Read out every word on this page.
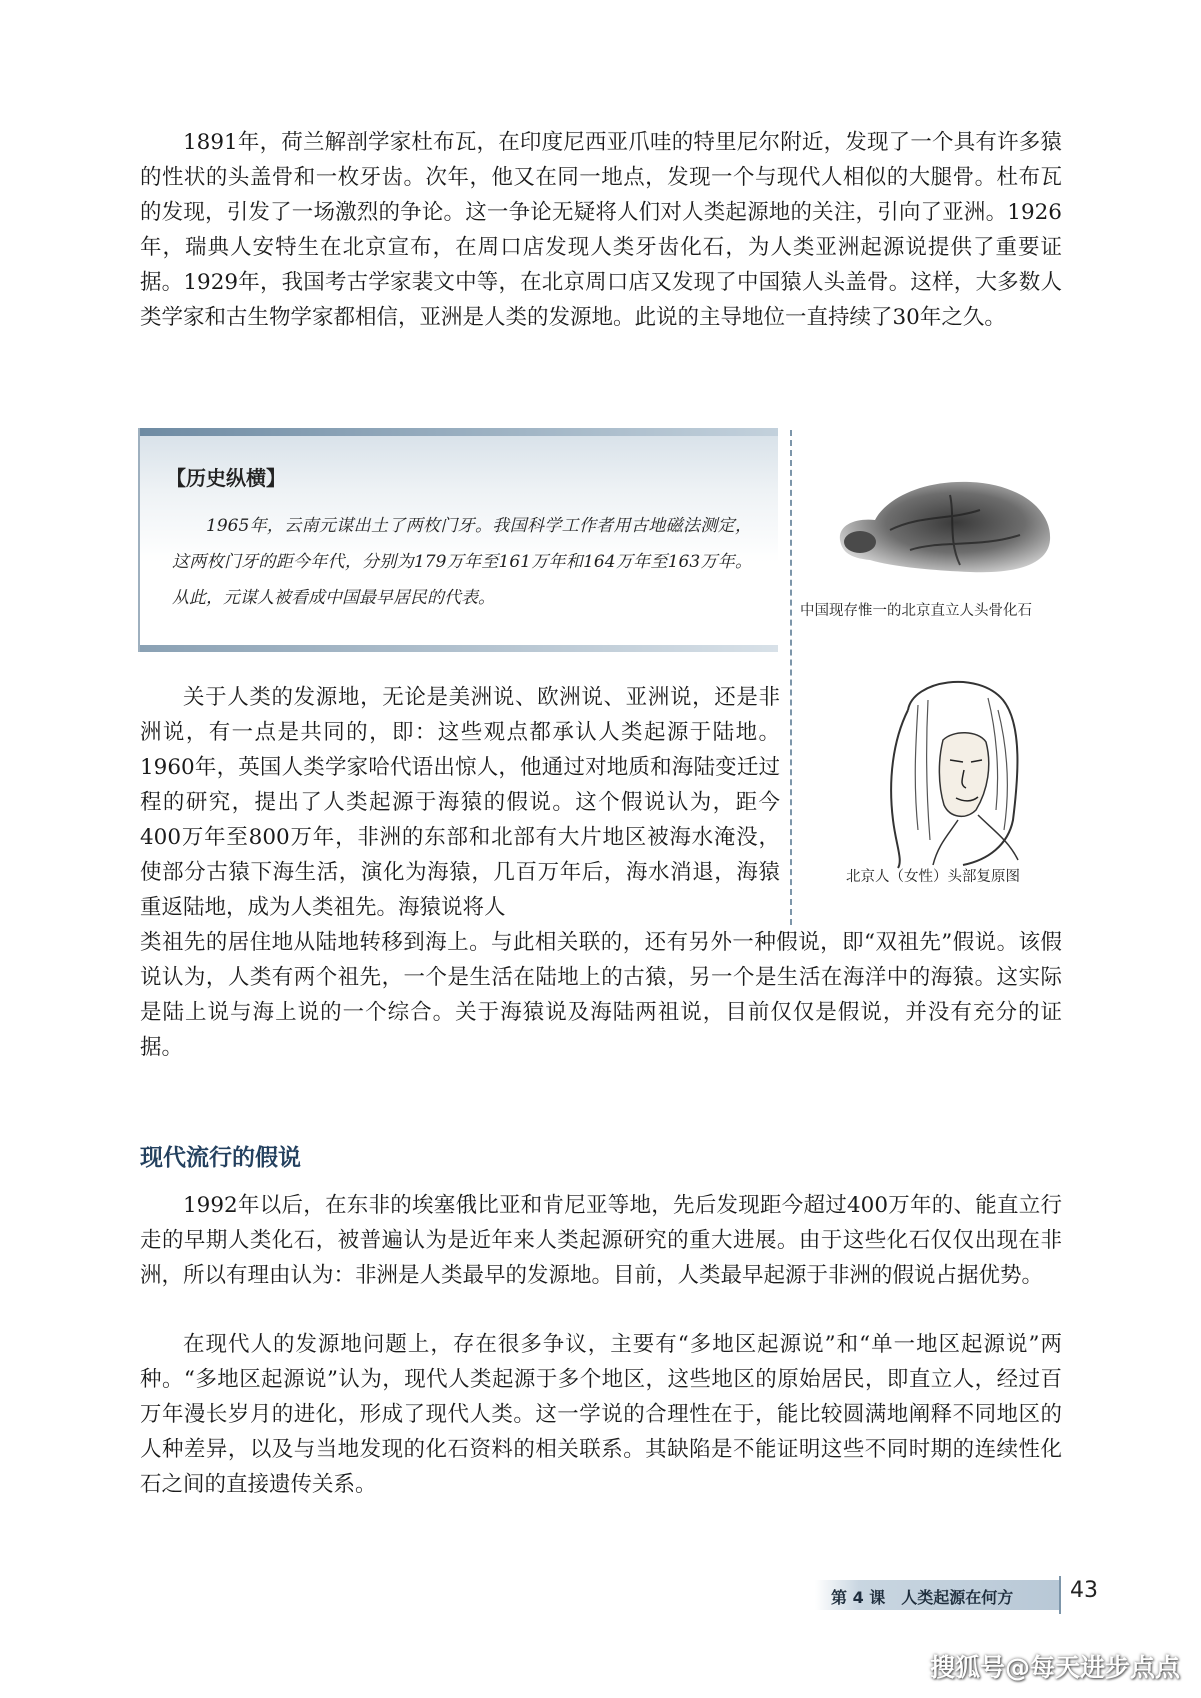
1891年，荷兰解剖学家杜布瓦，在印度尼西亚爪哇的特里尼尔附近，发现了一个具有许多猿的性状的头盖骨和一枚牙齿。次年，他又在同一地点，发现一个与现代人相似的大腿骨。杜布瓦的发现，引发了一场激烈的争论。这一争论无疑将人们对人类起源地的关注，引向了亚洲。1926年，瑞典人安特生在北京宣布，在周口店发现人类牙齿化石，为人类亚洲起源说提供了重要证据。1929年，我国考古学家裴文中等，在北京周口店又发现了中国猿人头盖骨。这样，大多数人类学家和古生物学家都相信，亚洲是人类的发源地。此说的主导地位一直持续了30年之久。

【历史纵横】

1965年，云南元谋出土了两枚门牙。我国科学工作者用古地磁法测定，这两枚门牙的距今年代，分别为179万年至161万年和164万年至163万年。从此，元谋人被看成中国最早居民的代表。

中国现存惟一的北京直立人头骨化石
北京人（女性）头部复原图

关于人类的发源地，无论是美洲说、欧洲说、亚洲说，还是非洲说，有一点是共同的，即：这些观点都承认人类起源于陆地。1960年，英国人类学家哈代语出惊人，他通过对地质和海陆变迁过程的研究，提出了人类起源于海猿的假说。这个假说认为，距今400万年至800万年，非洲的东部和北部有大片地区被海水淹没，使部分古猿下海生活，演化为海猿，几百万年后，海水消退，海猿重返陆地，成为人类祖先。海猿说将人

类祖先的居住地从陆地转移到海上。与此相关联的，还有另外一种假说，即“双祖先”假说。该假说认为，人类有两个祖先，一个是生活在陆地上的古猿，另一个是生活在海洋中的海猿。这实际是陆上说与海上说的一个综合。关于海猿说及海陆两祖说，目前仅仅是假说，并没有充分的证据。

现代流行的假说

1992年以后，在东非的埃塞俄比亚和肯尼亚等地，先后发现距今超过400万年的、能直立行走的早期人类化石，被普遍认为是近年来人类起源研究的重大进展。由于这些化石仅仅出现在非洲，所以有理由认为：非洲是人类最早的发源地。目前，人类最早起源于非洲的假说占据优势。

在现代人的发源地问题上，存在很多争议，主要有“多地区起源说”和“单一地区起源说”两种。“多地区起源说”认为，现代人类起源于多个地区，这些地区的原始居民，即直立人，经过百万年漫长岁月的进化，形成了现代人类。这一学说的合理性在于，能比较圆满地阐释不同地区的人种差异，以及与当地发现的化石资料的相关联系。其缺陷是不能证明这些不同时期的连续性化石之间的直接遗传关系。

第 4 课　人类起源在何方	43
搜狐号@每天进步点点
